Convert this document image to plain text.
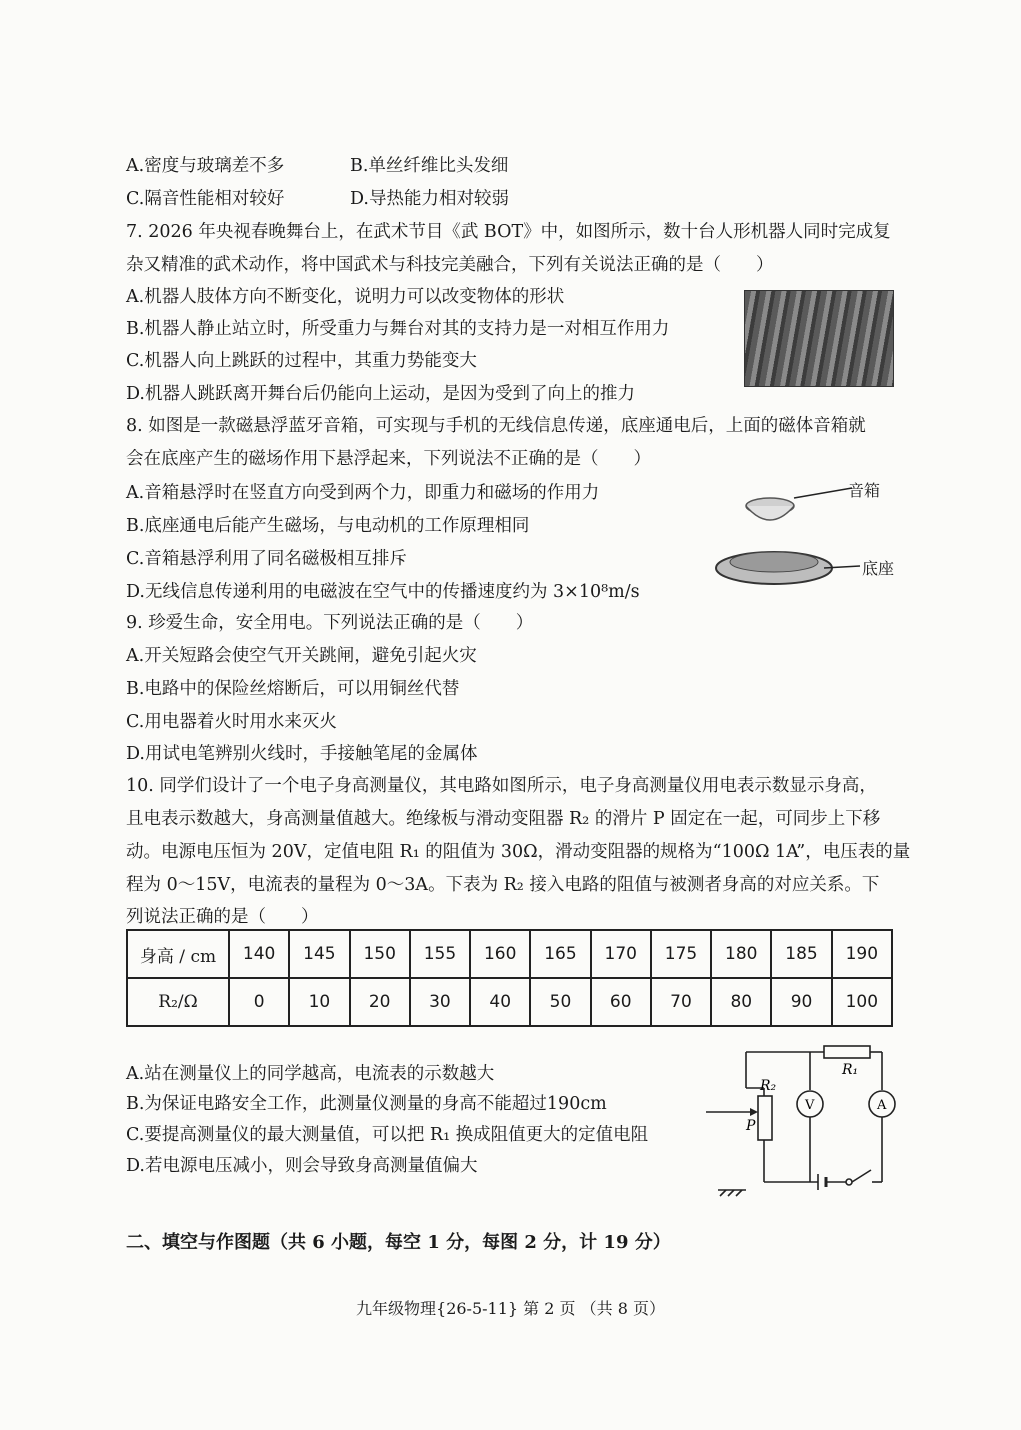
A.密度与玻璃差不多	B.单丝纤维比头发细
C.隔音性能相对较好	D.导热能力相对较弱
7. 2026 年央视春晚舞台上，在武术节目《武 BOT》中，如图所示，数十台人形机器人同时完成复
杂又精准的武术动作，将中国武术与科技完美融合，下列有关说法正确的是（　　）
A.机器人肢体方向不断变化，说明力可以改变物体的形状
B.机器人静止站立时，所受重力与舞台对其的支持力是一对相互作用力
C.机器人向上跳跃的过程中，其重力势能变大
D.机器人跳跃离开舞台后仍能向上运动，是因为受到了向上的推力
8. 如图是一款磁悬浮蓝牙音箱，可实现与手机的无线信息传递，底座通电后，上面的磁体音箱就
会在底座产生的磁场作用下悬浮起来，下列说法不正确的是（　　）
A.音箱悬浮时在竖直方向受到两个力，即重力和磁场的作用力
B.底座通电后能产生磁场，与电动机的工作原理相同
C.音箱悬浮利用了同名磁极相互排斥
D.无线信息传递利用的电磁波在空气中的传播速度约为 3×10⁸m/s
音箱
底座
9. 珍爱生命，安全用电。下列说法正确的是（　　）
A.开关短路会使空气开关跳闸，避免引起火灾
B.电路中的保险丝熔断后，可以用铜丝代替
C.用电器着火时用水来灭火
D.用试电笔辨别火线时，手接触笔尾的金属体
10. 同学们设计了一个电子身高测量仪，其电路如图所示，电子身高测量仪用电表示数显示身高，
且电表示数越大，身高测量值越大。绝缘板与滑动变阻器 R₂ 的滑片 P 固定在一起，可同步上下移
动。电源电压恒为 20V，定值电阻 R₁ 的阻值为 30Ω，滑动变阻器的规格为“100Ω 1A”，电压表的量
程为 0～15V，电流表的量程为 0～3A。下表为 R₂ 接入电路的阻值与被测者身高的对应关系。下
列说法正确的是（　　）
身高 / cm	140	145	150	155	160	165	170	175	180	185	190
R₂/Ω	0	10	20	30	40	50	60	70	80	90	100
A.站在测量仪上的同学越高，电流表的示数越大
B.为保证电路安全工作，此测量仪测量的身高不能超过190cm
C.要提高测量仪的最大测量值，可以把 R₁ 换成阻值更大的定值电阻
D.若电源电压减小，则会导致身高测量值偏大
R₁
R₂
P
V	A
二、填空与作图题（共 6 小题，每空 1 分，每图 2 分，计 19 分）
九年级物理{26-5-11} 第 2 页 （共 8 页）
